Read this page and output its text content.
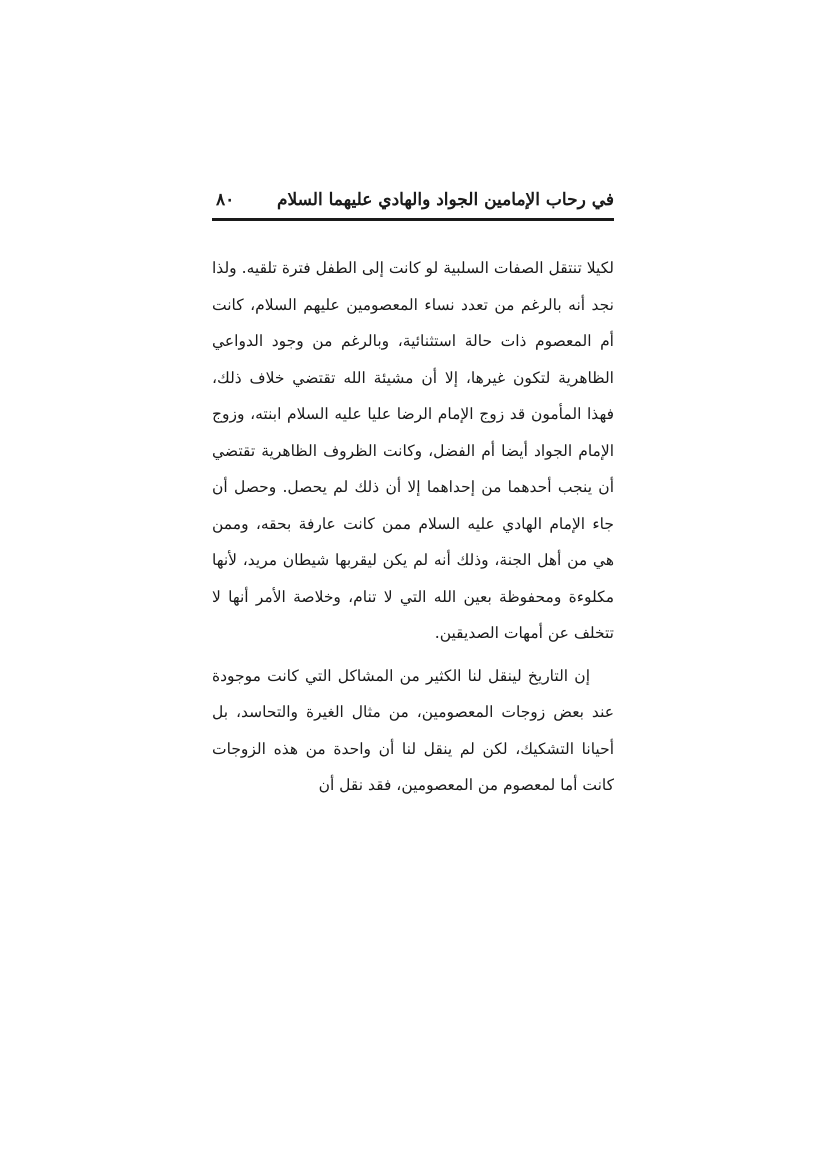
في رحاب الإمامين الجواد والهادي عليهما السلام
٨٠

لكيلا تنتقل الصفات السلبية لو كانت إلى الطفل فترة تلقيه. ولذا نجد أنه بالرغم من تعدد نساء المعصومين عليهم السلام، كانت أم المعصوم ذات حالة استثنائية، وبالرغم من وجود الدواعي الظاهرية لتكون غيرها، إلا أن مشيئة الله تقتضي خلاف ذلك، فهذا المأمون قد زوج الإمام الرضا عليا عليه السلام ابنته، وزوج الإمام الجواد أيضا أم الفضل، وكانت الظروف الظاهرية تقتضي أن ينجب أحدهما من إحداهما إلا أن ذلك لم يحصل. وحصل أن جاء الإمام الهادي عليه السلام ممن كانت عارفة بحقه، وممن هي من أهل الجنة، وذلك أنه لم يكن ليقربها شيطان مريد، لأنها مكلوءة ومحفوظة بعين الله التي لا تنام، وخلاصة الأمر أنها لا تتخلف عن أمهات الصديقين.

إن التاريخ لينقل لنا الكثير من المشاكل التي كانت موجودة عند بعض زوجات المعصومين، من مثال الغيرة والتحاسد، بل أحيانا التشكيك، لكن لم ينقل لنا أن واحدة من هذه الزوجات كانت أما لمعصوم من المعصومين، فقد نقل أن
